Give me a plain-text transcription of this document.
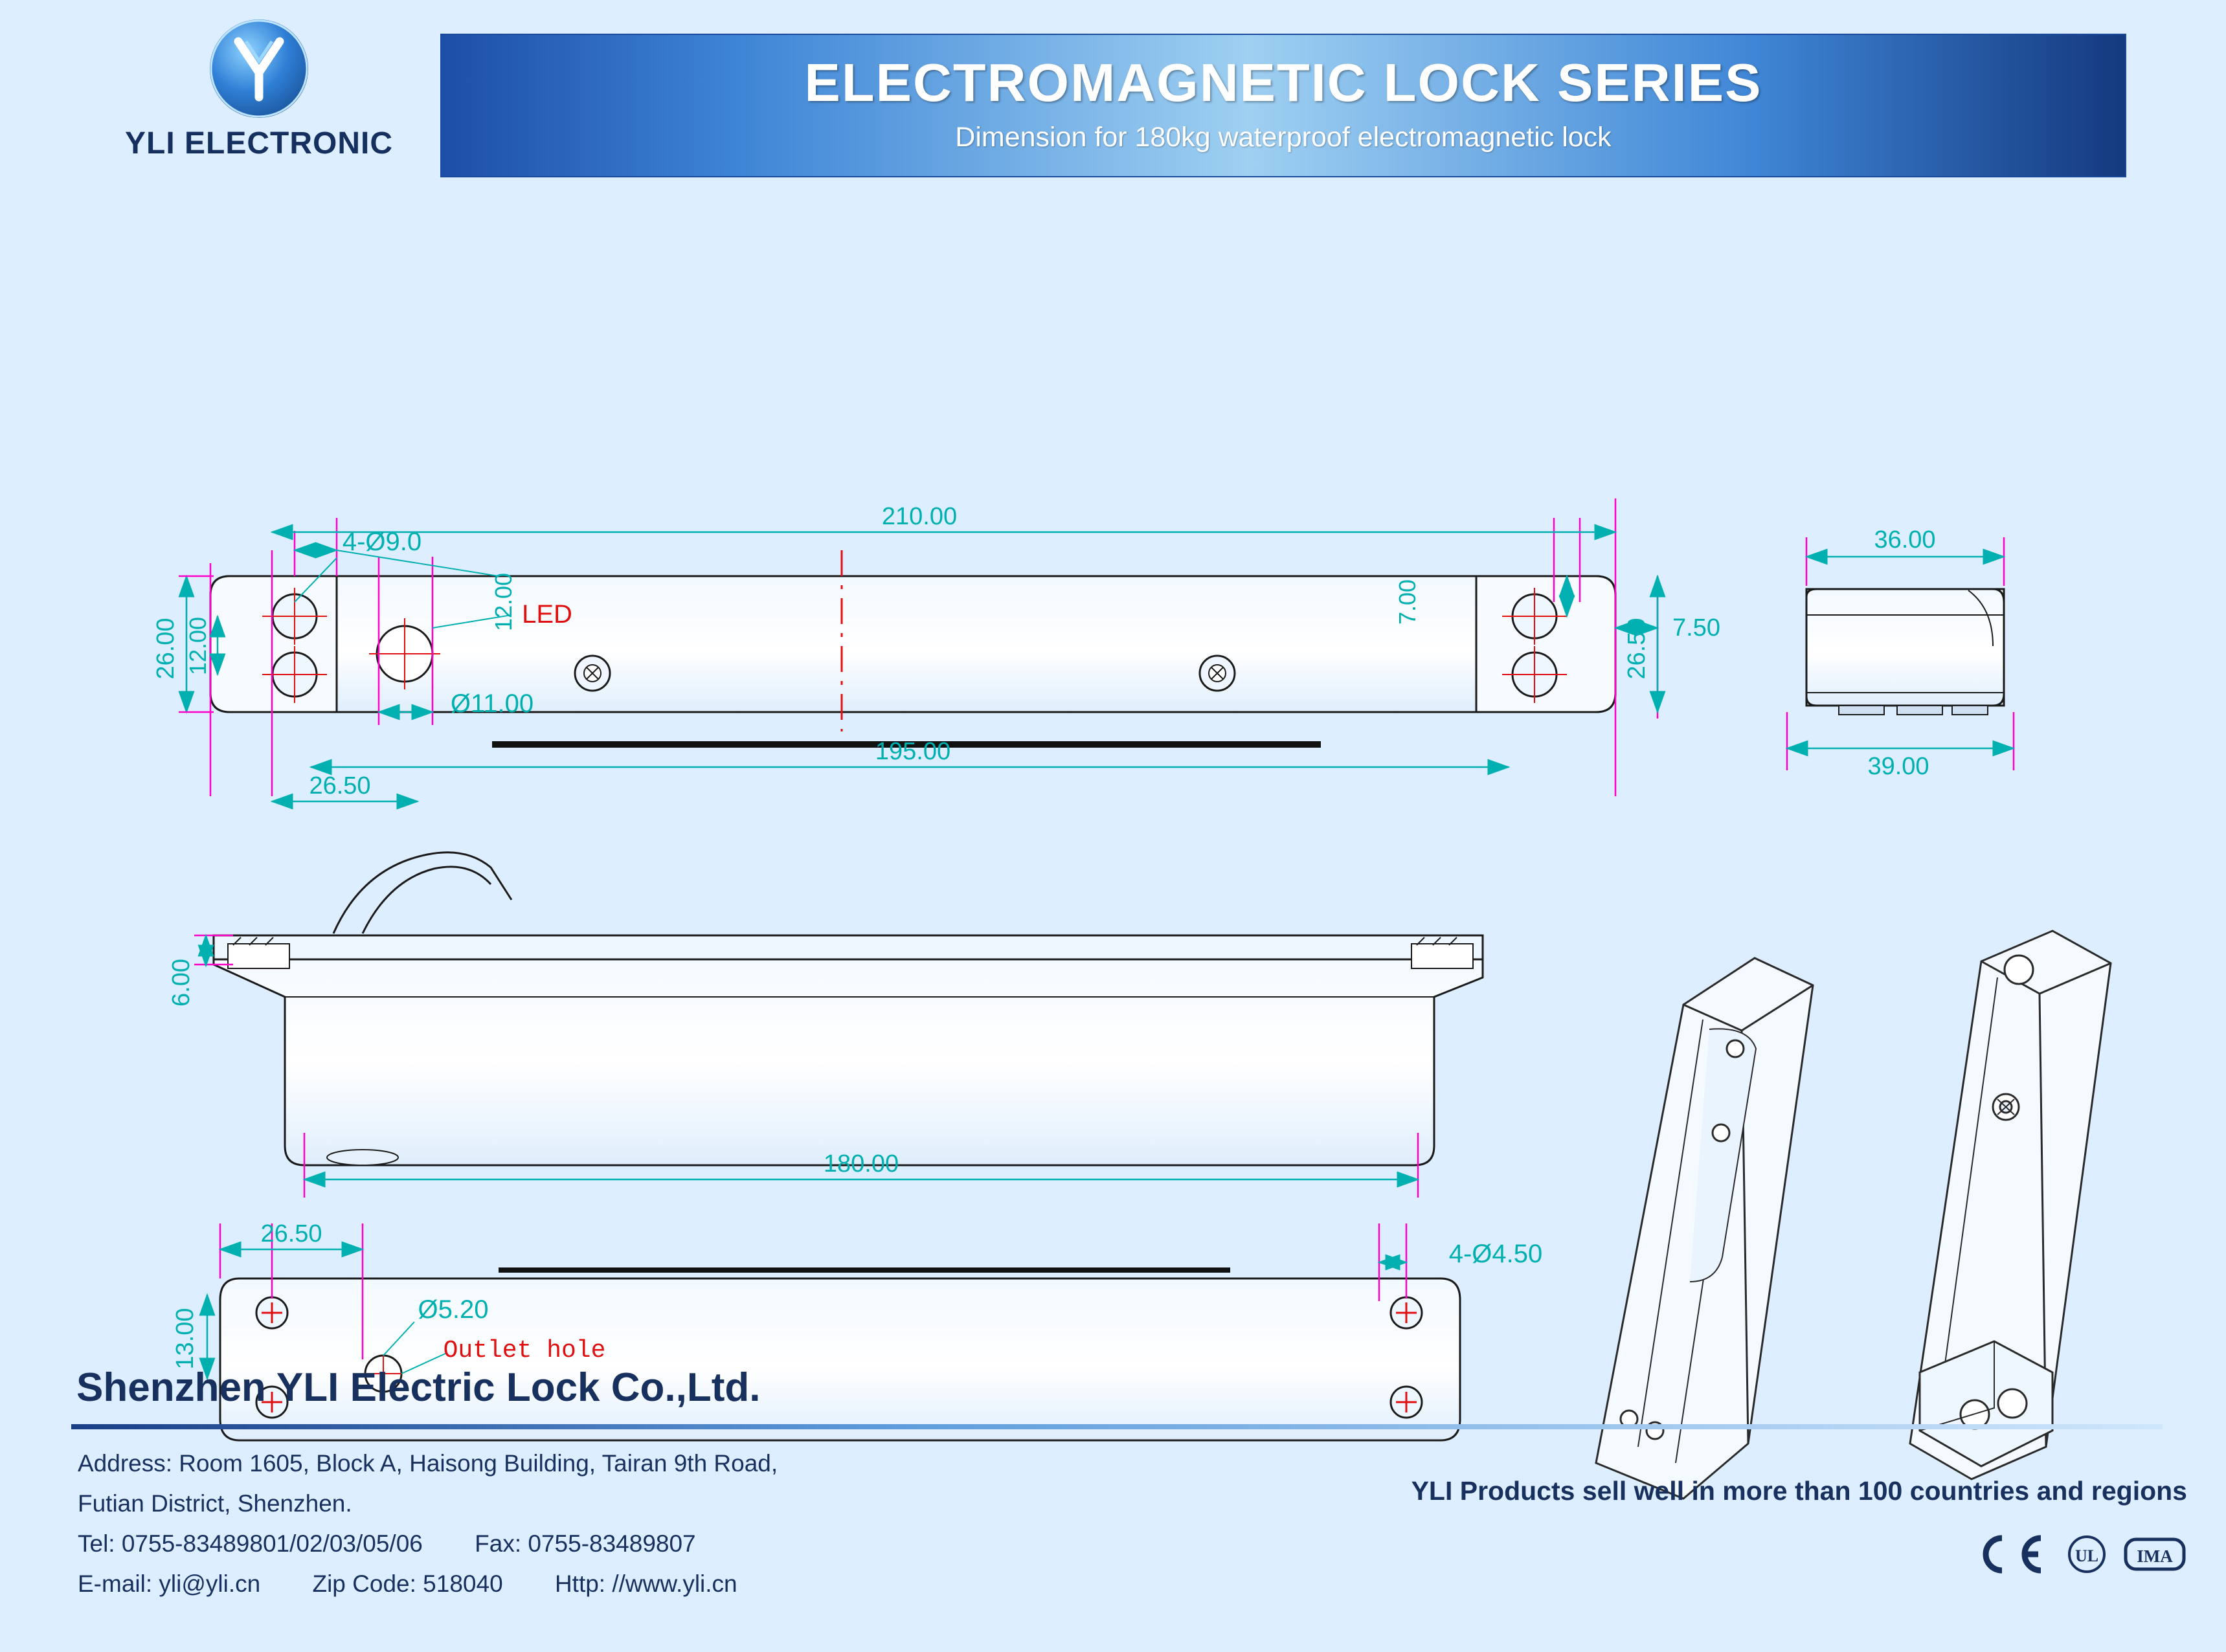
YLI ELECTRONIC
ELECTROMAGNETIC LOCK SERIES
Dimension for 180kg waterproof electromagnetic lock
210.00
195.00
26.50
26.00 12.00
12.00
4-Ø9.0
Ø11.00
LED	7.00
7.50
26.50
36.00
39.00
6.00
180.00
26.50
13.00
4-Ø4.50
Ø5.20
Outlet hole
Shenzhen YLI Electric Lock Co.,Ltd.
Address: Room 1605, Block A, Haisong Building, Tairan 9th Road,
Futian District, Shenzhen.
Tel: 0755-83489801/02/03/05/06 Fax: 0755-83489807
E-mail: yli@yli.cn Zip Code: 518040 Http: //www.yli.cn
YLI Products sell well in more than 100 countries and regions
UL IMA
